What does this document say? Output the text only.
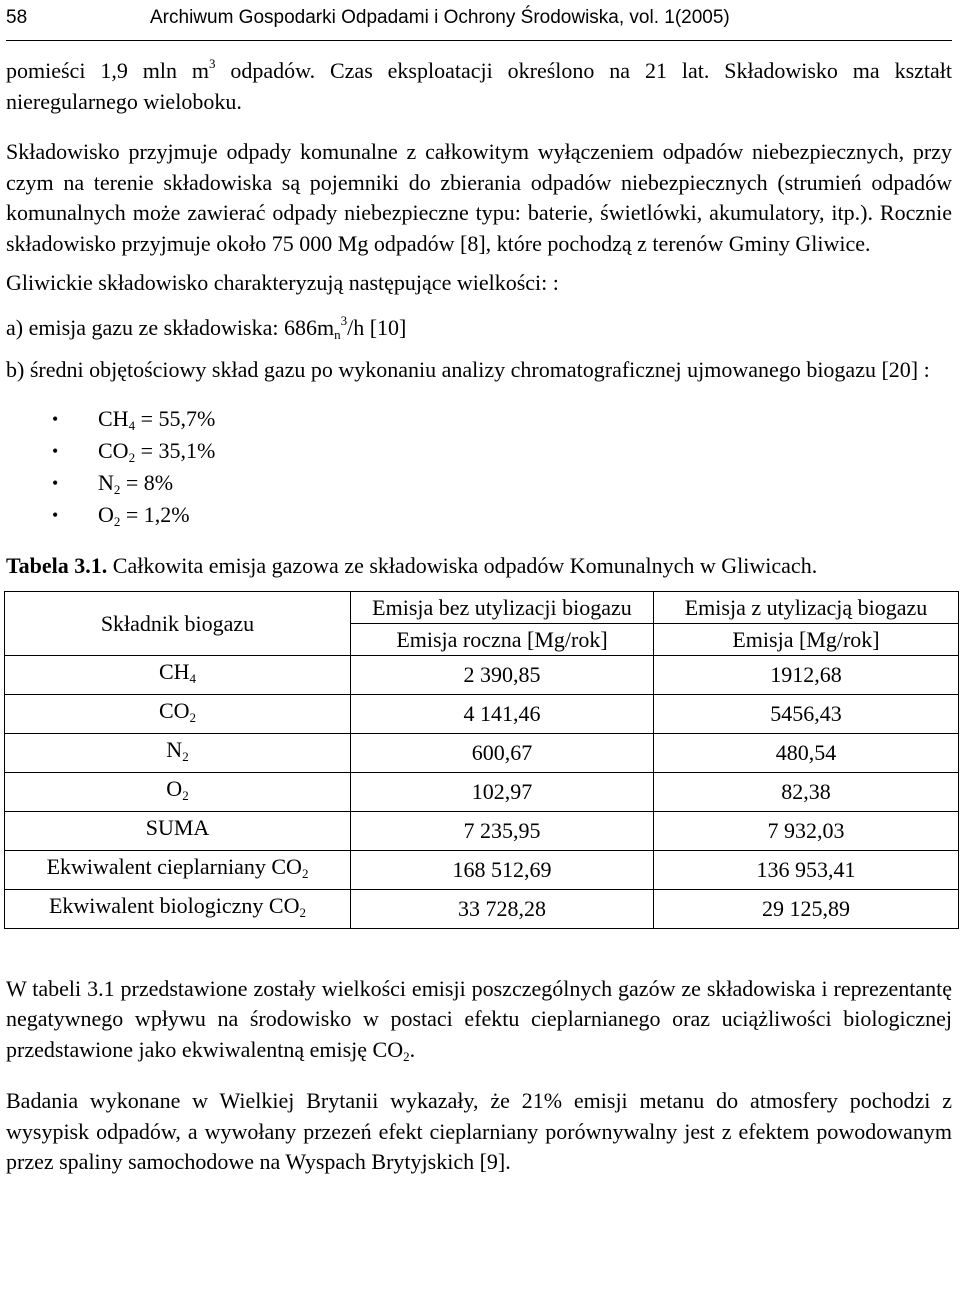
58	Archiwum Gospodarki Odpadami i Ochrony Środowiska, vol. 1(2005)

pomieści 1,9 mln $m^3$ odpadów. Czas eksploatacji określono na 21 lat. Składowisko ma kształt nieregularnego wieloboku.

Składowisko przyjmuje odpady komunalne z całkowitym wyłączeniem odpadów niebezpiecznych, przy czym na terenie składowiska są pojemniki do zbierania odpadów niebezpiecznych (strumień odpadów komunalnych może zawierać odpady niebezpieczne typu: baterie, świetlówki, akumulatory, itp.). Rocznie składowisko przyjmuje około 75 000 Mg odpadów [8], które pochodzą z terenów Gminy Gliwice.

Gliwickie składowisko charakteryzują następujące wielkości: :

a) emisja gazu ze składowiska: $686m_n^3/h$ [10]

b) średni objętościowy skład gazu po wykonaniu analizy chromatograficznej ujmowanego biogazu [20] :

• $CH_4 = 55,7\%$
• $CO_2 = 35,1\%$
• $N_2 = 8\%$
• $O_2 = 1,2\%$
Tabela 3.1. Całkowita emisja gazowa ze składowiska odpadów Komunalnych w Gliwicach.
Składnik biogazu	Emisja bez utylizacji biogazu	Emisja z utylizacją biogazu
	Emisja roczna [Mg/rok]	Emisja [Mg/rok]
$CH_4$	2 390,85	1912,68
$CO_2$	4 141,46	5456,43
$N_2$	600,67	480,54
$O_2$	102,97	82,38
SUMA	7 235,95	7 932,03
Ekwiwalent cieplarniany $CO_2$	168 512,69	136 953,41
Ekwiwalent biologiczny $CO_2$	33 728,28	29 125,89

W tabeli 3.1 przedstawione zostały wielkości emisji poszczególnych gazów ze składowiska i reprezentantę negatywnego wpływu na środowisko w postaci efektu cieplarnianego oraz uciążliwości biologicznej przedstawione jako ekwiwalentną emisję $CO_2$.

Badania wykonane w Wielkiej Brytanii wykazały, że 21% emisji metanu do atmosfery pochodzi z wysypisk odpadów, a wywołany przezeń efekt cieplarniany porównywalny jest z efektem powodowanym przez spaliny samochodowe na Wyspach Brytyjskich [9].
